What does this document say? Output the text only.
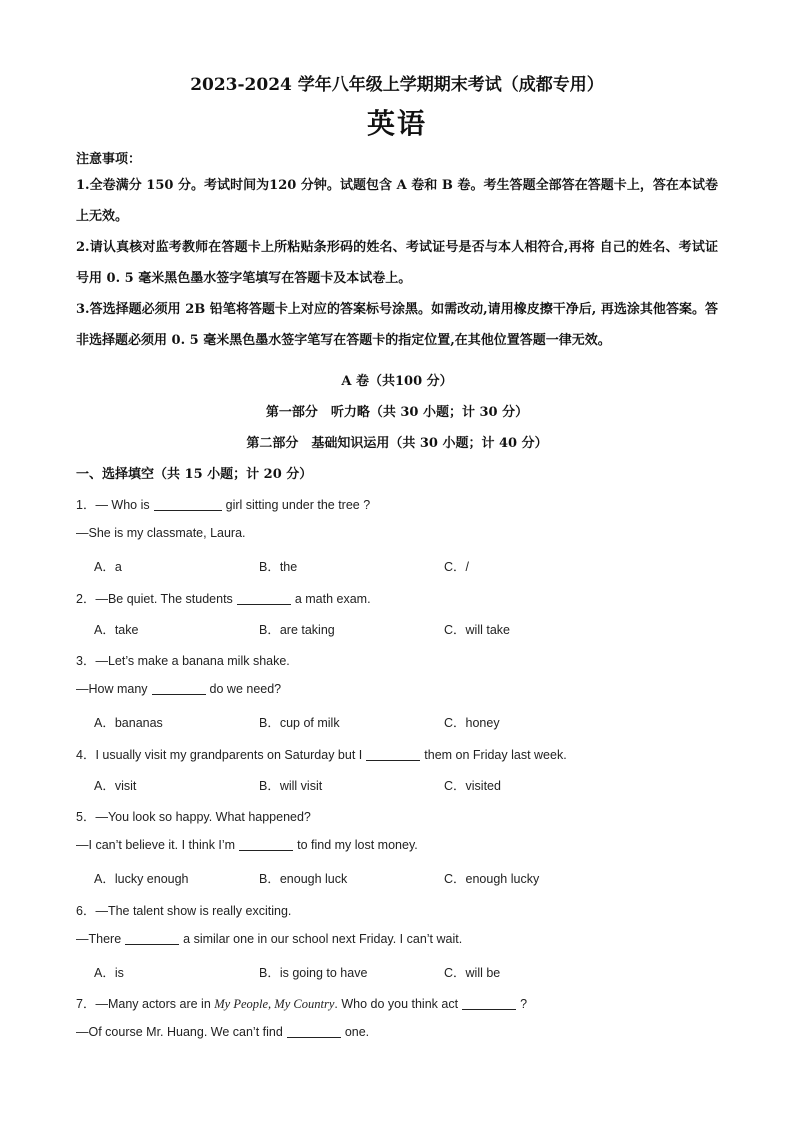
2023-2024 学年八年级上学期期末考试（成都专用）
英语
注意事项：
1.全卷满分 150 分。考试时间为120 分钟。试题包含 A 卷和 B 卷。考生答题全部答在答题卡上，答在本试卷上无效。
2.请认真核对监考教师在答题卡上所粘贴条形码的姓名、考试证号是否与本人相符合,再将 自己的姓名、考试证号用 0. 5 毫米黑色墨水签字笔填写在答题卡及本试卷上。
3.答选择题必须用 2B 铅笔将答题卡上对应的答案标号涂黑。如需改动,请用橡皮擦干净后, 再选涂其他答案。答非选择题必须用 0. 5 毫米黑色墨水签字笔写在答题卡的指定位置,在其他位置答题一律无效。
A 卷（共100 分）
第一部分　听力略（共 30 小题；计 30 分）
第二部分　基础知识运用（共 30 小题；计 40 分）
一、选择填空（共 15 小题；计 20 分）
1．— Who is	girl sitting under the tree ?
—She is my classmate, Laura.
A．a	B．the	C．/
2．—Be quiet. The students	a math exam.
A．take	B．are taking	C．will take
3．—Let’s make a banana milk shake.
—How many	do we need?
A．bananas	B．cup of milk	C．honey
4．I usually visit my grandparents on Saturday but I	them on Friday last week.
A．visit	B．will visit	C．visited
5．—You look so happy. What happened?
—I can’t believe it. I think I’m	to find my lost money.
A．lucky enough	B．enough luck	C．enough lucky
6．—The talent show is really exciting.
—There	a similar one in our school next Friday. I can’t wait.
A．is	B．is going to have	C．will be
7．—Many actors are in My People, My Country. Who do you think act	?
—Of course Mr. Huang. We can’t find	one.
